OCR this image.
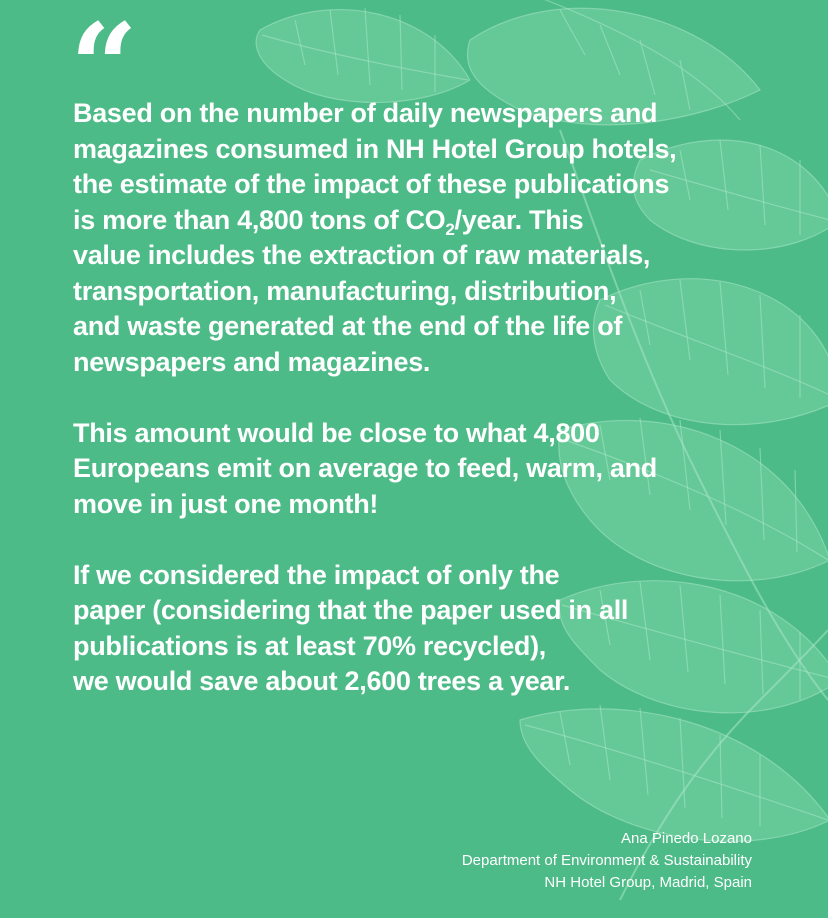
“

Based on the number of daily newspapers and
magazines consumed in NH Hotel Group hotels,
the estimate of the impact of these publications
is more than 4,800 tons of $CO_2$/year. This
value includes the extraction of raw materials,
transportation, manufacturing, distribution,
and waste generated at the end of the life of
newspapers and magazines.

This amount would be close to what 4,800
Europeans emit on average to feed, warm, and
move in just one month!

If we considered the impact of only the
paper (considering that the paper used in all
publications is at least 70% recycled),
we would save about 2,600 trees a year.

Ana Pinedo Lozano
Department of Environment & Sustainability
NH Hotel Group, Madrid, Spain
